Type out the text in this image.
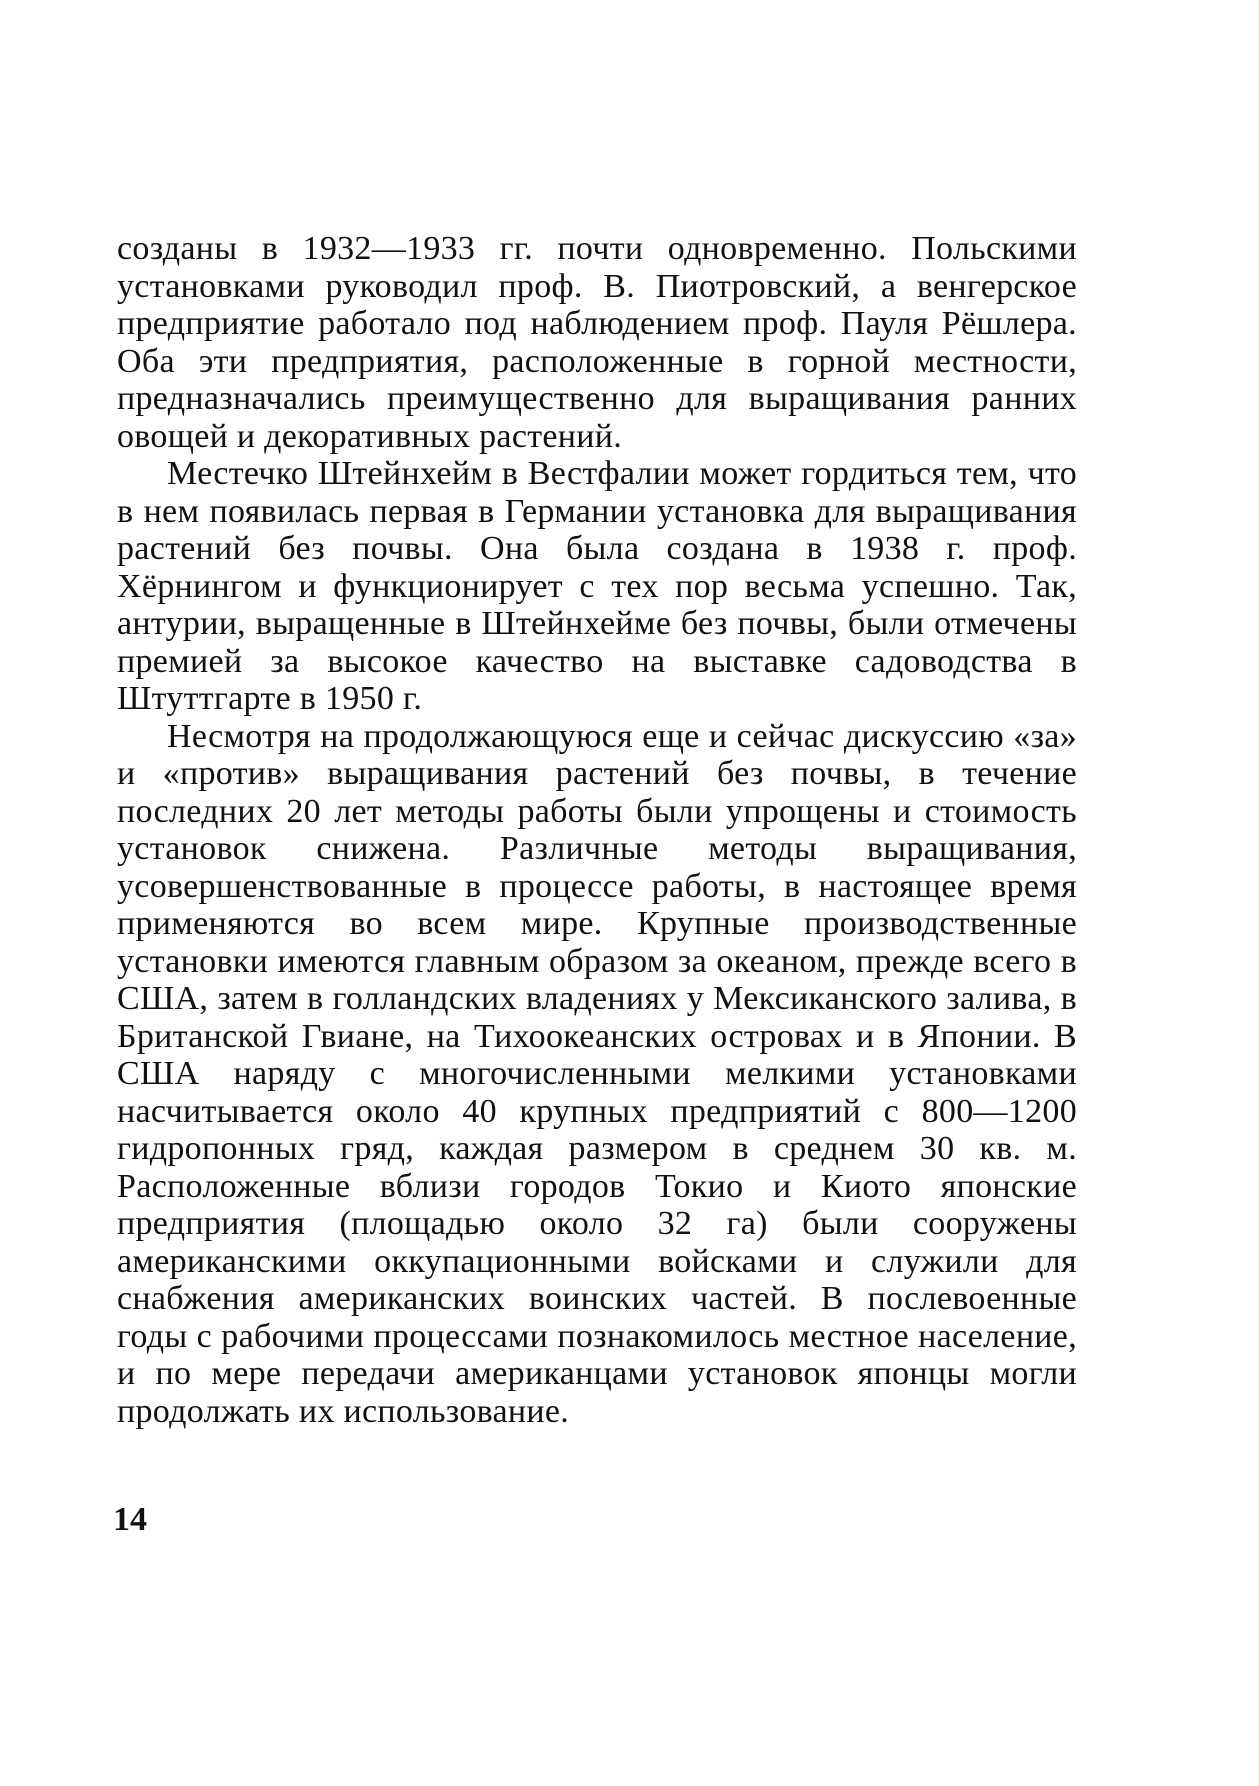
созданы в 1932—1933 гг. почти одновременно. Польскими установками руководил проф. В. Пиотровский, а венгерское предприятие работало под наблюдением проф. Пауля Рёшлера. Оба эти предприятия, расположенные в горной местности, предназначались преимущественно для выращивания ранних овощей и декоративных растений.

Местечко Штейнхейм в Вестфалии может гордиться тем, что в нем появилась первая в Германии установка для выращивания растений без почвы. Она была создана в 1938 г. проф. Хёрнингом и функционирует с тех пор весьма успешно. Так, антурии, выращенные в Штейнхейме без почвы, были отмечены премией за высокое качество на выставке садоводства в Штуттгарте в 1950 г.

Несмотря на продолжающуюся еще и сейчас дискуссию «за» и «против» выращивания растений без почвы, в течение последних 20 лет методы работы были упрощены и стоимость установок снижена. Различные методы выращивания, усовершенствованные в процессе работы, в настоящее время применяются во всем мире. Крупные производственные установки имеются главным образом за океаном, прежде всего в США, затем в голландских владениях у Мексиканского залива, в Британской Гвиане, на Тихоокеанских островах и в Японии. В США наряду с многочисленными мелкими установками насчитывается около 40 крупных предприятий с 800—1200 гидропонных гряд, каждая размером в среднем 30 кв. м. Расположенные вблизи городов Токио и Киото японские предприятия (площадью около 32 га) были сооружены американскими оккупационными войсками и служили для снабжения американских воинских частей. В послевоенные годы с рабочими процессами познакомилось местное население, и по мере передачи американцами установок японцы могли продолжать их использование.

14
